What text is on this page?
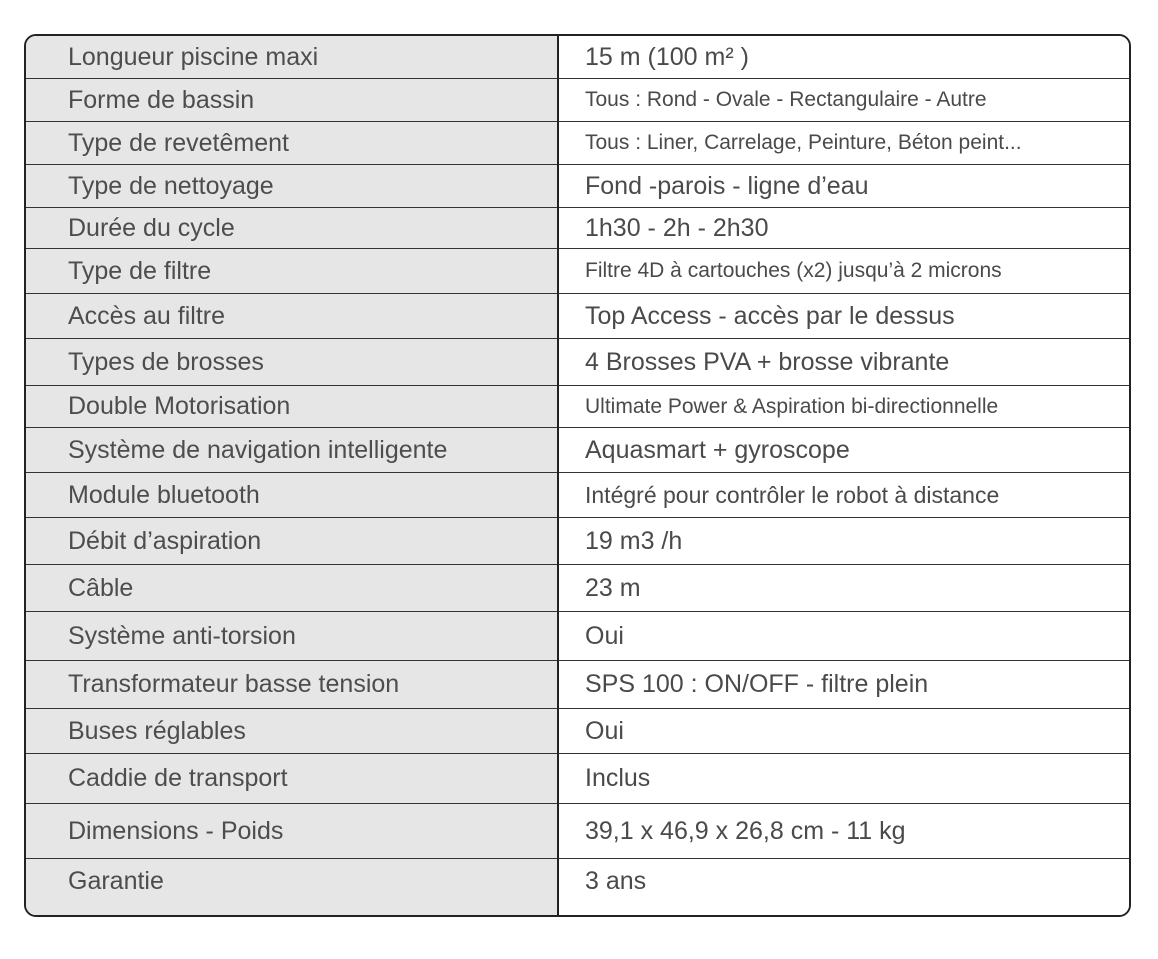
Longueur piscine maxi
Forme de bassin
Type de revetêment
Type de nettoyage
Durée du cycle
Type de filtre
Accès au filtre
Types de brosses
Double Motorisation
Système de navigation intelligente
Module bluetooth
Débit d’aspiration
Câble
Système anti-torsion
Transformateur basse tension
Buses réglables
Caddie de transport
Dimensions - Poids
Garantie
15 m (100 m² )
Tous : Rond - Ovale - Rectangulaire - Autre
Tous : Liner, Carrelage, Peinture, Béton peint...
Fond -parois - ligne d’eau
1h30 - 2h - 2h30
Filtre 4D à cartouches (x2) jusqu’à 2 microns
Top Access - accès par le dessus
4 Brosses PVA + brosse vibrante
Ultimate Power & Aspiration bi-directionnelle
Aquasmart + gyroscope
Intégré pour contrôler le robot à distance
19 m3 /h
23 m
Oui
SPS 100 : ON/OFF - filtre plein
Oui
Inclus
39,1 x 46,9 x 26,8 cm - 11 kg
3 ans
